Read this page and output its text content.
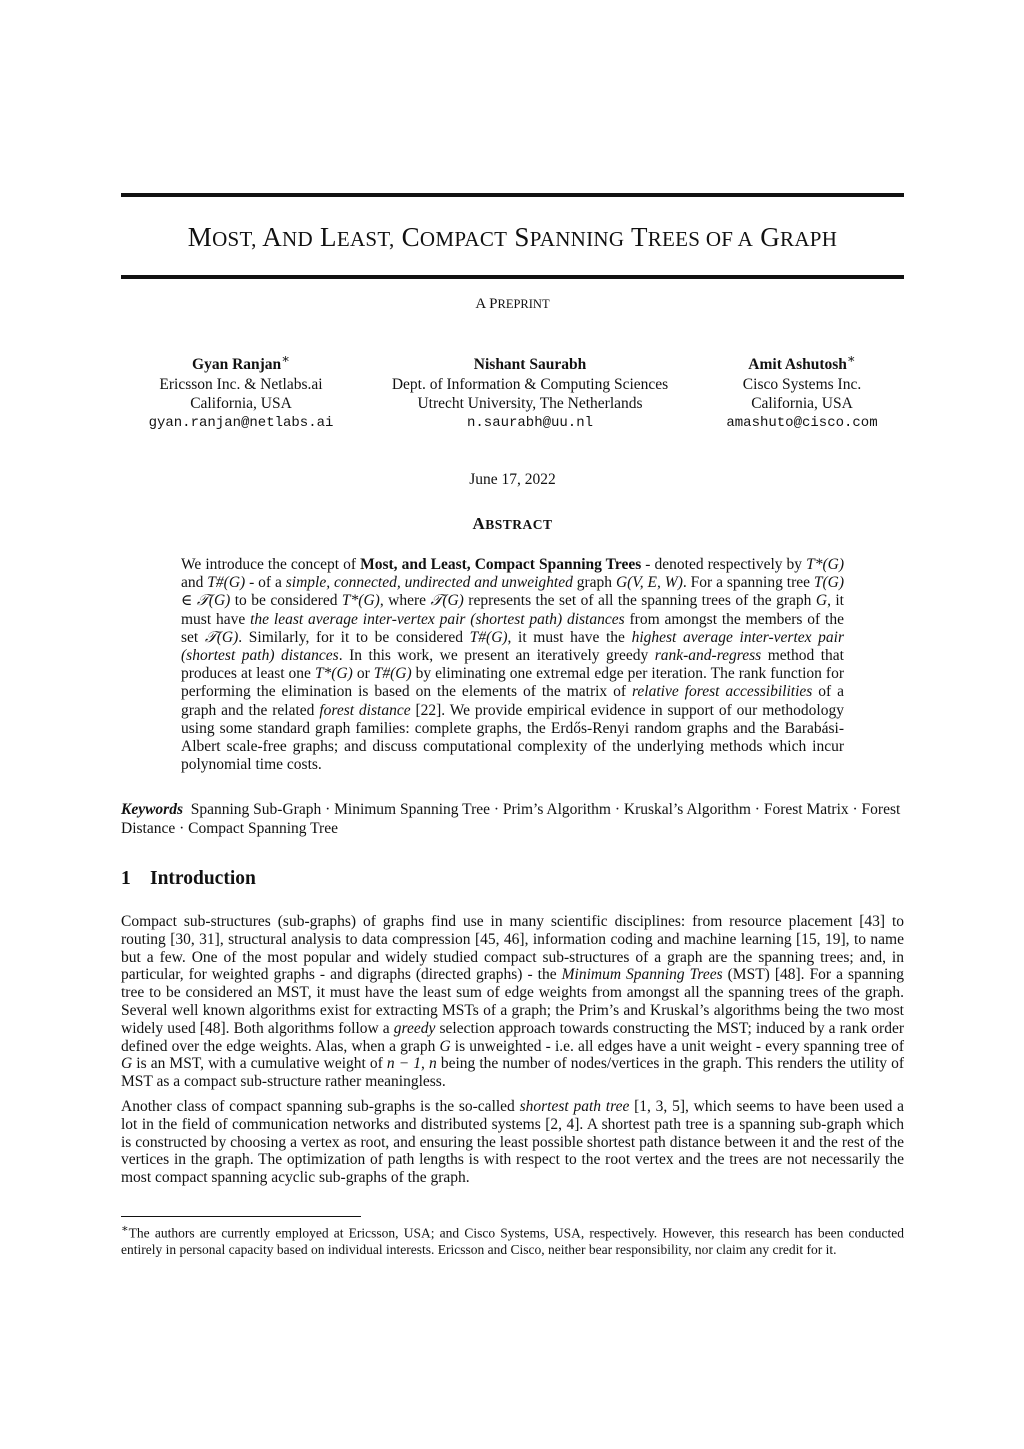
MOST, AND LEAST, COMPACT SPANNING TREES OF A GRAPH
A PREPRINT
Gyan Ranjan∗
Ericsson Inc. & Netlabs.ai
California, USA
gyan.ranjan@netlabs.ai
Nishant Saurabh
Dept. of Information & Computing Sciences
Utrecht University, The Netherlands
n.saurabh@uu.nl
Amit Ashutosh∗
Cisco Systems Inc.
California, USA
amashuto@cisco.com
June 17, 2022
ABSTRACT

We introduce the concept of Most, and Least, Compact Spanning Trees - denoted respectively by T*(G) and T#(G) - of a simple, connected, undirected and unweighted graph G(V, E, W). For a spanning tree T(G) ∈ 𝒯(G) to be considered T*(G), where 𝒯(G) represents the set of all the spanning trees of the graph G, it must have the least average inter-vertex pair (shortest path) distances from amongst the members of the set 𝒯(G). Similarly, for it to be considered T#(G), it must have the highest average inter-vertex pair (shortest path) distances. In this work, we present an iteratively greedy rank-and-regress method that produces at least one T*(G) or T#(G) by eliminating one extremal edge per iteration. The rank function for performing the elimination is based on the elements of the matrix of relative forest accessibilities of a graph and the related forest distance [22]. We provide empirical evidence in support of our methodology using some standard graph families: complete graphs, the Erdős-Renyi random graphs and the Barabási-Albert scale-free graphs; and discuss computational complexity of the underlying methods which incur polynomial time costs.

Keywords Spanning Sub-Graph · Minimum Spanning Tree · Prim’s Algorithm · Kruskal’s Algorithm · Forest Matrix · Forest Distance · Compact Spanning Tree
1 Introduction

Compact sub-structures (sub-graphs) of graphs find use in many scientific disciplines: from resource placement [43] to routing [30, 31], structural analysis to data compression [45, 46], information coding and machine learning [15, 19], to name but a few. One of the most popular and widely studied compact sub-structures of a graph are the spanning trees; and, in particular, for weighted graphs - and digraphs (directed graphs) - the Minimum Spanning Trees (MST) [48]. For a spanning tree to be considered an MST, it must have the least sum of edge weights from amongst all the spanning trees of the graph. Several well known algorithms exist for extracting MSTs of a graph; the Prim’s and Kruskal’s algorithms being the two most widely used [48]. Both algorithms follow a greedy selection approach towards constructing the MST; induced by a rank order defined over the edge weights. Alas, when a graph G is unweighted - i.e. all edges have a unit weight - every spanning tree of G is an MST, with a cumulative weight of n − 1, n being the number of nodes/vertices in the graph. This renders the utility of MST as a compact sub-structure rather meaningless.

Another class of compact spanning sub-graphs is the so-called shortest path tree [1, 3, 5], which seems to have been used a lot in the field of communication networks and distributed systems [2, 4]. A shortest path tree is a spanning sub-graph which is constructed by choosing a vertex as root, and ensuring the least possible shortest path distance between it and the rest of the vertices in the graph. The optimization of path lengths is with respect to the root vertex and the trees are not necessarily the most compact spanning acyclic sub-graphs of the graph.

∗The authors are currently employed at Ericsson, USA; and Cisco Systems, USA, respectively. However, this research has been conducted entirely in personal capacity based on individual interests. Ericsson and Cisco, neither bear responsibility, nor claim any credit for it.
